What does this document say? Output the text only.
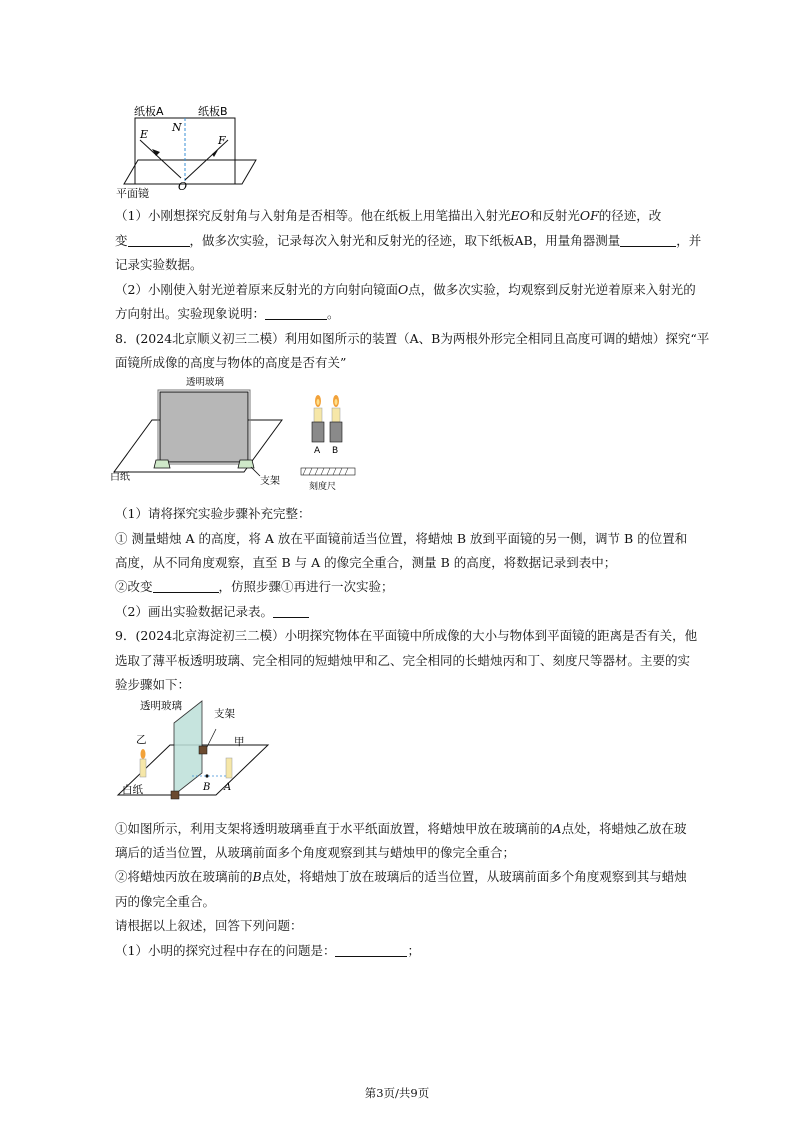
纸板A	纸板B
E
N
F
O
平面镜
（1）小刚想探究反射角与入射角是否相等。他在纸板上用笔描出入射光EO和反射光OF的径迹，改
变	，做多次实验，记录每次入射光和反射光的径迹，取下纸板AB，用量角器测量	，并
记录实验数据。
（2）小刚使入射光逆着原来反射光的方向射向镜面O点，做多次实验，均观察到反射光逆着原来入射光的
方向射出。实验现象说明：	。
8．(2024北京顺义初三二模）利用如图所示的装置（A、B为两根外形完全相同且高度可调的蜡烛）探究“平
面镜所成像的高度与物体的高度是否有关”
透明玻璃
白纸	支架
A B
刻度尺
（1）请将探究实验步骤补充完整：
① 测量蜡烛 A 的高度，将 A 放在平面镜前适当位置，将蜡烛 B 放到平面镜的另一侧，调节 B 的位置和
高度，从不同角度观察，直至 B 与 A 的像完全重合，测量 B 的高度，将数据记录到表中；
②改变	，仿照步骤①再进行一次实验；
（2）画出实验数据记录表。
9．(2024北京海淀初三二模）小明探究物体在平面镜中所成像的大小与物体到平面镜的距离是否有关，他
选取了薄平板透明玻璃、完全相同的短蜡烛甲和乙、完全相同的长蜡烛丙和丁、刻度尺等器材。主要的实
验步骤如下：
透明玻璃
支架
乙	甲
白纸	B A
①如图所示，利用支架将透明玻璃垂直于水平纸面放置，将蜡烛甲放在玻璃前的A点处，将蜡烛乙放在玻
璃后的适当位置，从玻璃前面多个角度观察到其与蜡烛甲的像完全重合；
②将蜡烛丙放在玻璃前的B点处，将蜡烛丁放在玻璃后的适当位置，从玻璃前面多个角度观察到其与蜡烛
丙的像完全重合。
请根据以上叙述，回答下列问题：
（1）小明的探究过程中存在的问题是：	；
第3页/共9页
